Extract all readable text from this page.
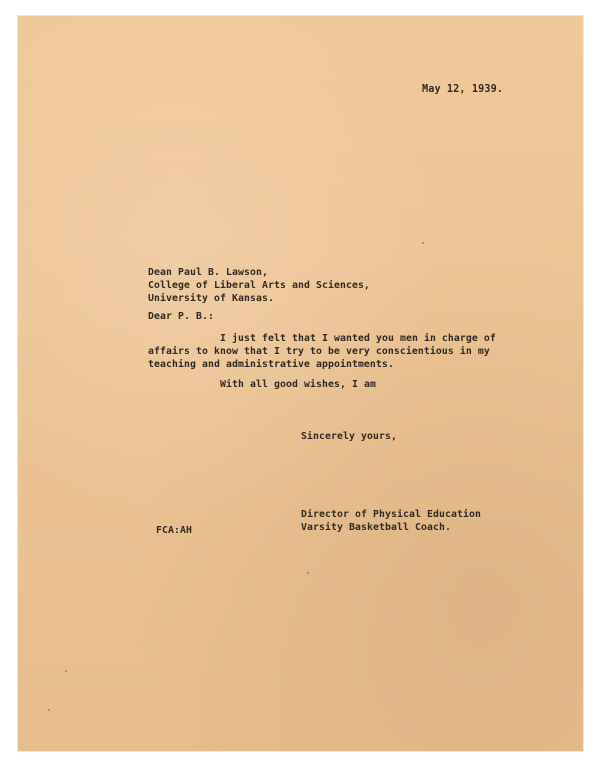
May 12, 1939.

Dean Paul B. Lawson,
College of Liberal Arts and Sciences,
University of Kansas.

Dear P. B.:

I just felt that I wanted you men in charge of
affairs to know that I try to be very conscientious in my
teaching and administrative appointments.

With all good wishes, I am

Sincerely yours,

Director of Physical Education
Varsity Basketball Coach.

FCA:AH
